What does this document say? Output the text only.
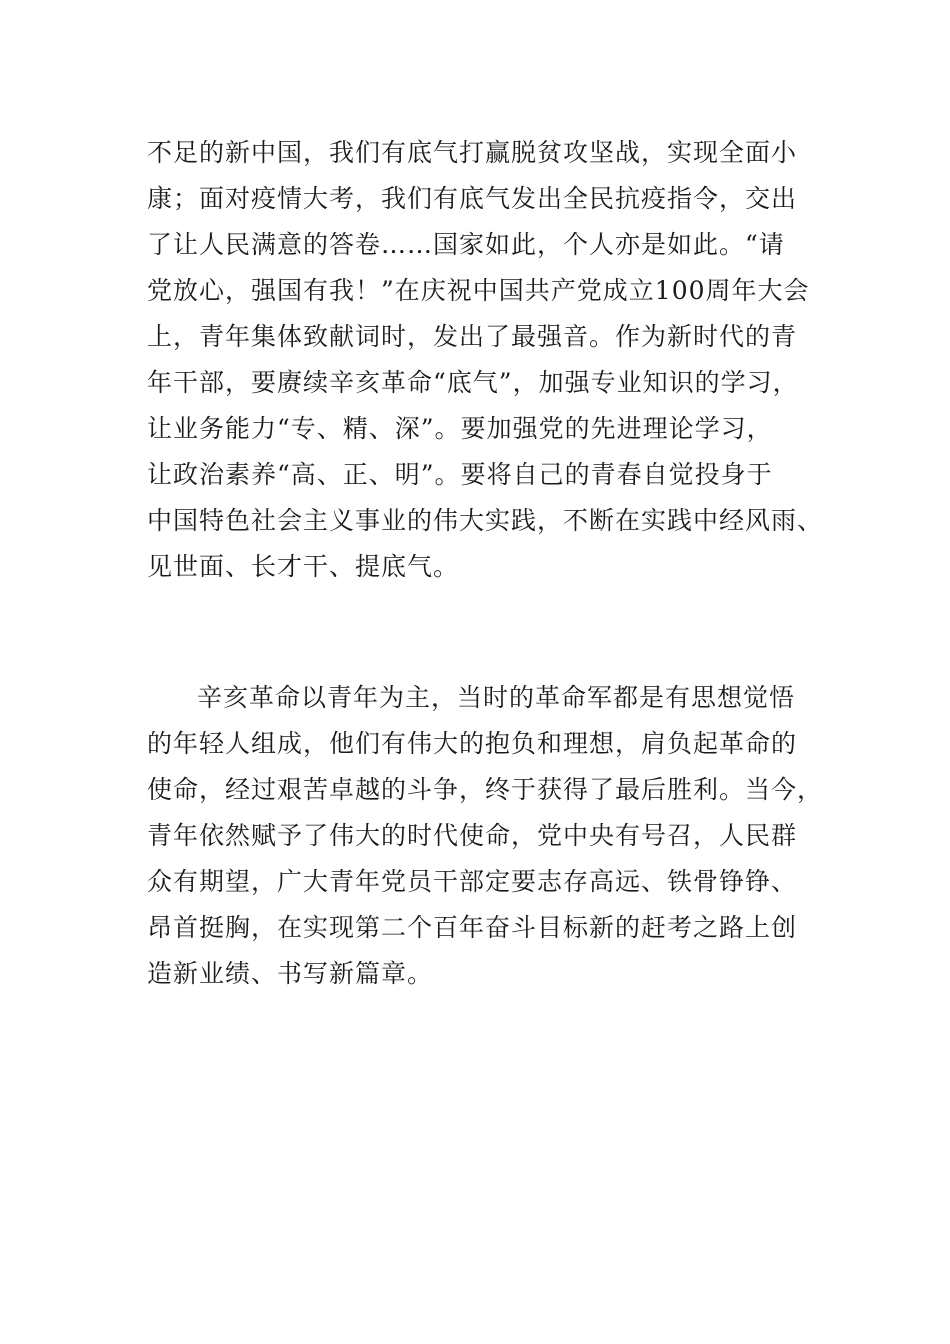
不足的新中国，我们有底气打赢脱贫攻坚战，实现全面小
康；面对疫情大考，我们有底气发出全民抗疫指令，交出
了让人民满意的答卷……国家如此，个人亦是如此。“请
党放心，强国有我！”在庆祝中国共产党成立100周年大会
上，青年集体致献词时，发出了最强音。作为新时代的青
年干部，要赓续辛亥革命“底气”，加强专业知识的学习，
让业务能力“专、精、深”。要加强党的先进理论学习，
让政治素养“高、正、明”。要将自己的青春自觉投身于
中国特色社会主义事业的伟大实践，不断在实践中经风雨、
见世面、长才干、提底气。
辛亥革命以青年为主，当时的革命军都是有思想觉悟
的年轻人组成，他们有伟大的抱负和理想，肩负起革命的
使命，经过艰苦卓越的斗争，终于获得了最后胜利。当今，
青年依然赋予了伟大的时代使命，党中央有号召，人民群
众有期望，广大青年党员干部定要志存高远、铁骨铮铮、
昂首挺胸，在实现第二个百年奋斗目标新的赶考之路上创
造新业绩、书写新篇章。
